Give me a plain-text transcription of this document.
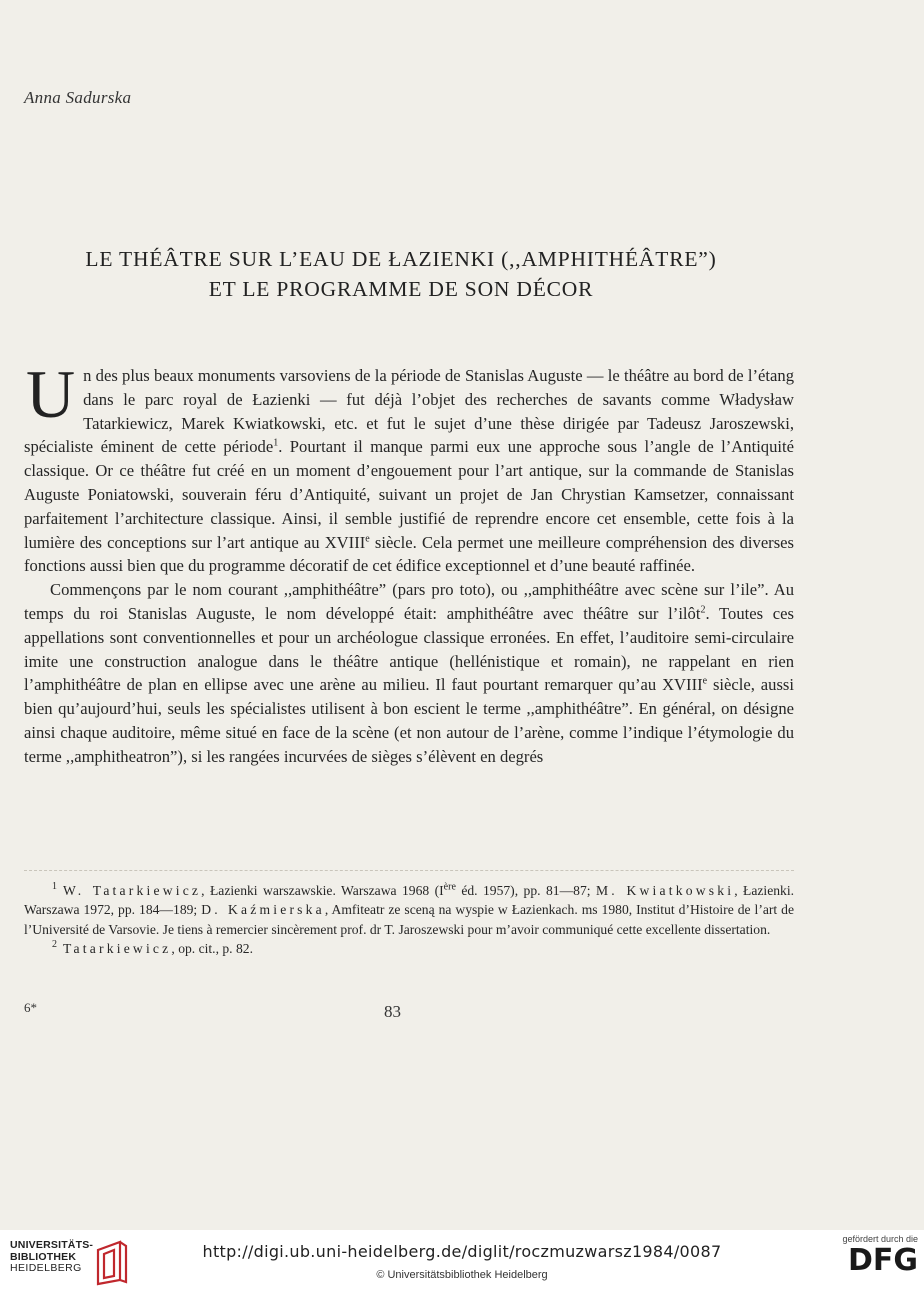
Anna Sadurska
LE THÉÂTRE SUR L’EAU DE ŁAZIENKI (,,AMPHITHÉÂTRE”)
ET LE PROGRAMME DE SON DÉCOR

Un des plus beaux monuments varsoviens de la période de Stanislas Auguste — le théâtre au bord de l’étang dans le parc royal de Łazienki — fut déjà l’objet des recherches de savants comme Władysław Tatarkiewicz, Marek Kwiatkowski, etc. et fut le sujet d’une thèse dirigée par Tadeusz Jaroszewski, spécialiste éminent de cette période$^1$. Pourtant il manque parmi eux une approche sous l’angle de l’Antiquité classique. Or ce théâtre fut créé en un moment d’engouement pour l’art antique, sur la commande de Stanislas Auguste Poniatowski, souverain féru d’Antiquité, suivant un projet de Jan Chrystian Kamsetzer, connaissant parfaitement l’architecture classique. Ainsi, il semble justifié de reprendre encore cet ensemble, cette fois à la lumière des conceptions sur l’art antique au XVIIIe siècle. Cela permet une meilleure compréhension des diverses fonctions aussi bien que du programme décoratif de cet édifice exceptionnel et d’une beauté raffinée.

Commençons par le nom courant ,,amphithéâtre” (pars pro toto), ou ,,amphithéâtre avec scène sur l’ile”. Au temps du roi Stanislas Auguste, le nom développé était: amphithéâtre avec théâtre sur l’ilôt$^2$. Toutes ces appellations sont conventionnelles et pour un archéologue classique erronées. En effet, l’auditoire semi-circulaire imite une construction analogue dans le théâtre antique (hellénistique et romain), ne rappelant en rien l’amphithéâtre de plan en ellipse avec une arène au milieu. Il faut pourtant remarquer qu’au XVIIIe siècle, aussi bien qu’aujourd’hui, seuls les spécialistes utilisent à bon escient le terme ,,amphithéâtre”. En général, on désigne ainsi chaque auditoire, même situé en face de la scène (et non autour de l’arène, comme l’indique l’étymologie du terme ,,amphitheatron”), si les rangées incurvées de sièges s’élèvent en degrés

$^1$ W. Tatarkiewicz, Łazienki warszawskie. Warszawa 1968 (Ière éd. 1957), pp. 81—87; M. Kwiatkowski, Łazienki. Warszawa 1972, pp. 184—189; D. Kaźmierska, Amfiteatr ze sceną na wyspie w Łazienkach. ms 1980, Institut d’Histoire de l’art de l’Université de Varsovie. Je tiens à remercier sincèrement prof. dr T. Jaroszewski pour m’avoir communiqué cette excellente dissertation.

$^2$ Tatarkiewicz, op. cit., p. 82.

6*	83
UNIVERSITÄTS-
BIBLIOTHEK
HEIDELBERG
http://digi.ub.uni-heidelberg.de/diglit/roczmuzwarsz1984/0087
© Universitätsbibliothek Heidelberg
gefördert durch die
DFG
